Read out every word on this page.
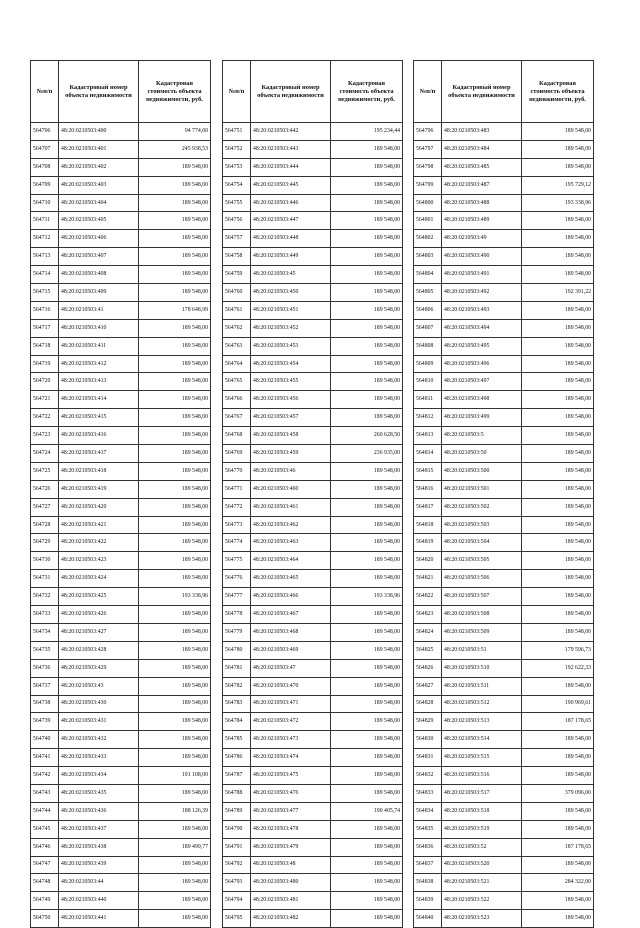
№п/п	Кадастровый номер объекта недвижимости	Кадастровая стоимость объекта недвижимости, руб.
564706	48:20:0210503:400	94 774,00
564707	48:20:0210503:401	245 938,53
564708	48:20:0210503:402	189 548,00
564709	48:20:0210503:403	189 548,00
564710	48:20:0210503:404	189 548,00
564711	48:20:0210503:405	189 548,00
564712	48:20:0210503:406	189 548,00
564713	48:20:0210503:407	189 548,00
564714	48:20:0210503:408	189 548,00
564715	48:20:0210503:409	189 548,00
564716	48:20:0210503:41	178 648,99
564717	48:20:0210503:410	189 548,00
564718	48:20:0210503:411	189 548,00
564719	48:20:0210503:412	189 548,00
564720	48:20:0210503:413	189 548,00
564721	48:20:0210503:414	189 548,00
564722	48:20:0210503:415	189 548,00
564723	48:20:0210503:416	189 548,00
564724	48:20:0210503:417	189 548,00
564725	48:20:0210503:418	189 548,00
564726	48:20:0210503:419	189 548,00
564727	48:20:0210503:420	189 548,00
564728	48:20:0210503:421	189 548,00
564729	48:20:0210503:422	189 548,00
564730	48:20:0210503:423	189 548,00
564731	48:20:0210503:424	189 548,00
564732	48:20:0210503:425	193 338,96
564733	48:20:0210503:426	189 548,00
564734	48:20:0210503:427	189 548,00
564735	48:20:0210503:428	189 548,00
564736	48:20:0210503:429	189 548,00
564737	48:20:0210503:43	189 548,00
564738	48:20:0210503:430	189 548,00
564739	48:20:0210503:431	189 548,00
564740	48:20:0210503:432	189 548,00
564741	48:20:0210503:433	189 548,00
564742	48:20:0210503:434	191 108,00
564743	48:20:0210503:435	189 548,00
564744	48:20:0210503:436	188 126,39
564745	48:20:0210503:437	189 548,00
564746	48:20:0210503:438	189 499,77
564747	48:20:0210503:439	189 548,00
564748	48:20:0210503:44	189 548,00
564749	48:20:0210503:440	189 548,00
564750	48:20:0210503:441	189 548,00
№п/п	Кадастровый номер объекта недвижимости	Кадастровая стоимость объекта недвижимости, руб.
564751	48:20:0210503:442	195 234,44
564752	48:20:0210503:443	189 548,00
564753	48:20:0210503:444	189 548,00
564754	48:20:0210503:445	189 548,00
564755	48:20:0210503:446	189 548,00
564756	48:20:0210503:447	189 548,00
564757	48:20:0210503:448	189 548,00
564758	48:20:0210503:449	189 548,00
564759	48:20:0210503:45	189 548,00
564760	48:20:0210503:450	189 548,00
564761	48:20:0210503:451	189 548,00
564762	48:20:0210503:452	189 548,00
564763	48:20:0210503:453	189 548,00
564764	48:20:0210503:454	189 548,00
564765	48:20:0210503:455	189 548,00
564766	48:20:0210503:456	189 548,00
564767	48:20:0210503:457	189 548,00
564768	48:20:0210503:458	260 628,50
564769	48:20:0210503:459	236 935,00
564770	48:20:0210503:46	189 548,00
564771	48:20:0210503:460	189 548,00
564772	48:20:0210503:461	189 548,00
564773	48:20:0210503:462	189 548,00
564774	48:20:0210503:463	189 548,00
564775	48:20:0210503:464	189 548,00
564776	48:20:0210503:465	189 548,00
564777	48:20:0210503:466	193 338,96
564778	48:20:0210503:467	189 548,00
564779	48:20:0210503:468	189 548,00
564780	48:20:0210503:469	189 548,00
564781	48:20:0210503:47	189 548,00
564782	48:20:0210503:470	189 548,00
564783	48:20:0210503:471	189 548,00
564784	48:20:0210503:472	189 548,00
564785	48:20:0210503:473	189 548,00
564786	48:20:0210503:474	189 548,00
564787	48:20:0210503:475	189 548,00
564788	48:20:0210503:476	189 548,00
564789	48:20:0210503:477	190 405,74
564790	48:20:0210503:478	189 548,00
564791	48:20:0210503:479	189 548,00
564792	48:20:0210503:48	189 548,00
564793	48:20:0210503:480	189 548,00
564794	48:20:0210503:481	189 548,00
564795	48:20:0210503:482	189 548,00
№п/п	Кадастровый номер объекта недвижимости	Кадастровая стоимость объекта недвижимости, руб.
564796	48:20:0210503:483	189 548,00
564797	48:20:0210503:484	189 548,00
564798	48:20:0210503:485	189 548,00
564799	48:20:0210503:487	195 729,12
564800	48:20:0210503:488	193 338,96
564801	48:20:0210503:489	189 548,00
564802	48:20:0210503:49	189 548,00
564803	48:20:0210503:490	189 548,00
564804	48:20:0210503:491	189 548,00
564805	48:20:0210503:492	192 391,22
564806	48:20:0210503:493	189 548,00
564807	48:20:0210503:494	189 548,00
564808	48:20:0210503:495	189 548,00
564809	48:20:0210503:496	189 548,00
564810	48:20:0210503:497	189 548,00
564811	48:20:0210503:498	189 548,00
564812	48:20:0210503:499	189 548,00
564813	48:20:0210503:5	189 548,00
564814	48:20:0210503:50	189 548,00
564815	48:20:0210503:500	189 548,00
564816	48:20:0210503:501	189 548,00
564817	48:20:0210503:502	189 548,00
564818	48:20:0210503:503	189 548,00
564819	48:20:0210503:504	189 548,00
564820	48:20:0210503:505	189 548,00
564821	48:20:0210503:506	189 548,00
564822	48:20:0210503:507	189 548,00
564823	48:20:0210503:508	189 548,00
564824	48:20:0210503:509	189 548,00
564825	48:20:0210503:51	179 596,73
564826	48:20:0210503:510	192 622,33
564827	48:20:0210503:511	189 548,00
564828	48:20:0210503:512	190 969,61
564829	48:20:0210503:513	187 178,65
564830	48:20:0210503:514	189 548,00
564831	48:20:0210503:515	189 548,00
564832	48:20:0210503:516	189 548,00
564833	48:20:0210503:517	379 096,00
564834	48:20:0210503:518	189 548,00
564835	48:20:0210503:519	189 548,00
564836	48:20:0210503:52	187 178,65
564837	48:20:0210503:520	189 548,00
564838	48:20:0210503:521	284 322,00
564839	48:20:0210503:522	189 548,00
564840	48:20:0210503:523	189 548,00
